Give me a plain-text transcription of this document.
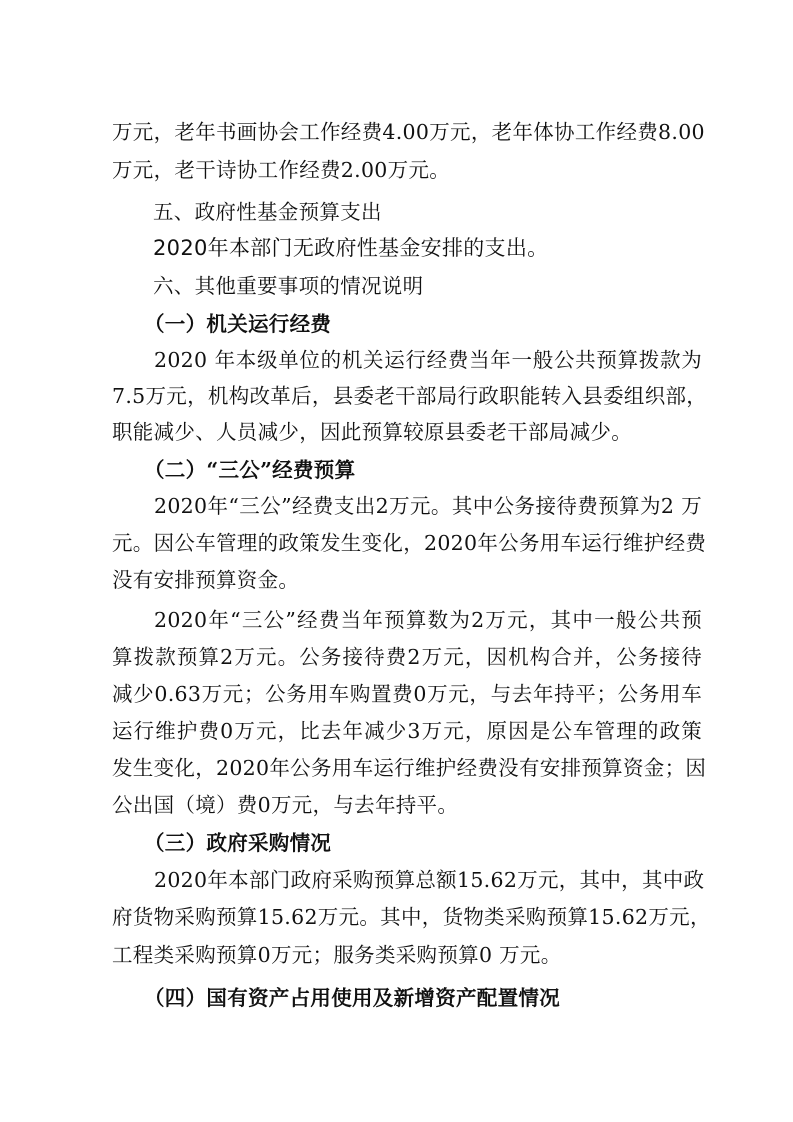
万元，老年书画协会工作经费4.00万元，老年体协工作经费8.00
万元，老干诗协工作经费2.00万元。
五、政府性基金预算支出
2020年本部门无政府性基金安排的支出。
六、其他重要事项的情况说明
（一）机关运行经费
2020 年本级单位的机关运行经费当年一般公共预算拨款为
7.5万元，机构改革后，县委老干部局行政职能转入县委组织部，
职能减少、人员减少，因此预算较原县委老干部局减少。
（二）“三公”经费预算
2020年“三公”经费支出2万元。其中公务接待费预算为2 万
元。因公车管理的政策发生变化，2020年公务用车运行维护经费
没有安排预算资金。
2020年“三公”经费当年预算数为2万元，其中一般公共预
算拨款预算2万元。公务接待费2万元，因机构合并，公务接待
减少0.63万元；公务用车购置费0万元，与去年持平；公务用车
运行维护费0万元，比去年减少3万元，原因是公车管理的政策
发生变化，2020年公务用车运行维护经费没有安排预算资金；因
公出国（境）费0万元，与去年持平。
（三）政府采购情况
2020年本部门政府采购预算总额15.62万元，其中，其中政
府货物采购预算15.62万元。其中，货物类采购预算15.62万元，
工程类采购预算0万元；服务类采购预算0 万元。
（四）国有资产占用使用及新增资产配置情况
